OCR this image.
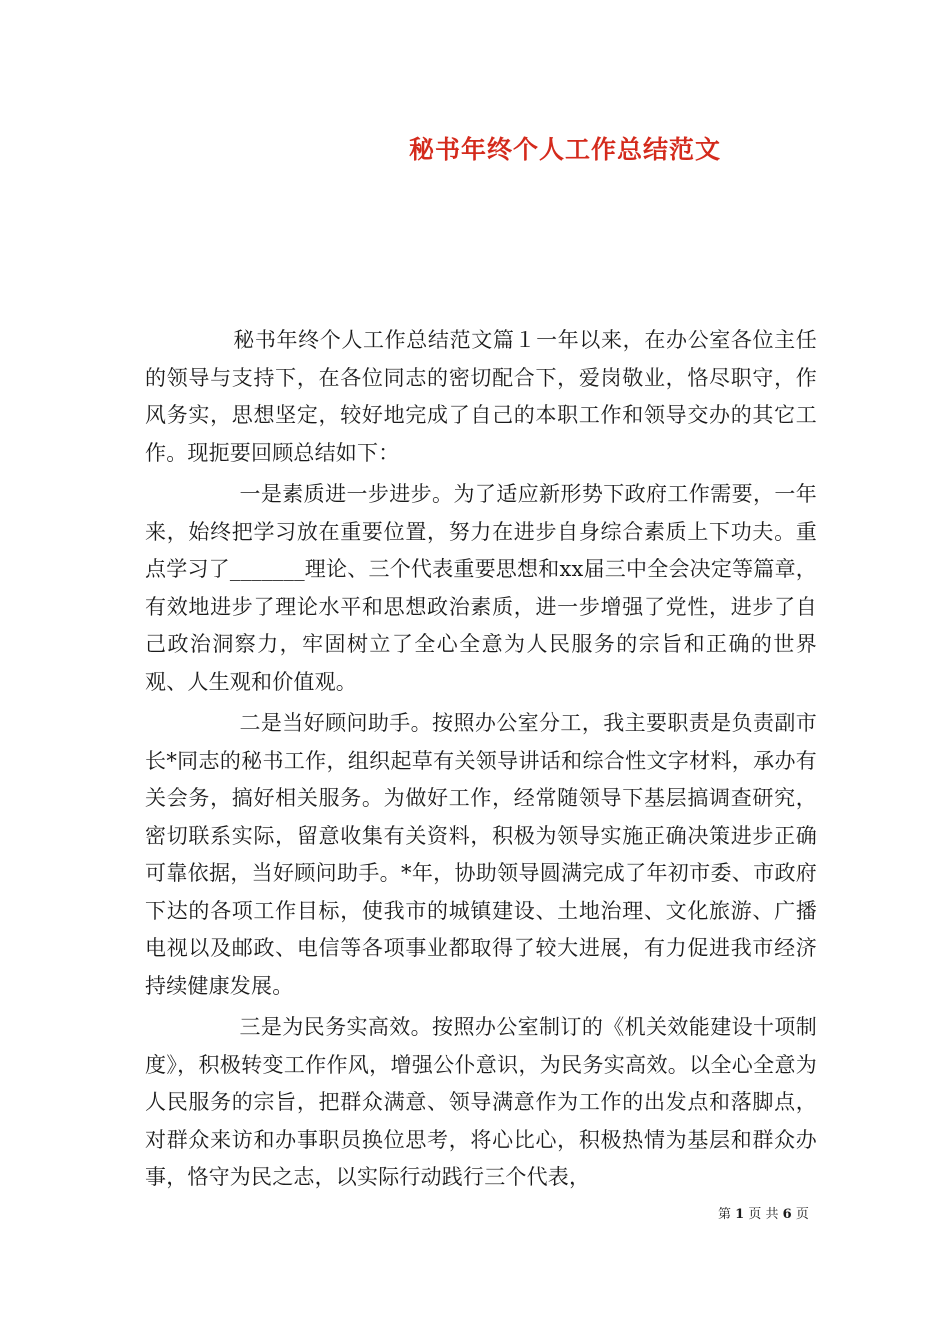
秘书年终个人工作总结范文

秘书年终个人工作总结范文篇１一年以来，在办公室各位主任的领导与支持下，在各位同志的密切配合下，爱岗敬业，恪尽职守，作风务实，思想坚定，较好地完成了自己的本职工作和领导交办的其它工作。现扼要回顾总结如下：

一是素质进一步进步。为了适应新形势下政府工作需要，一年来，始终把学习放在重要位置，努力在进步自身综合素质上下功夫。重点学习了_______理论、三个代表重要思想和xx届三中全会决定等篇章，有效地进步了理论水平和思想政治素质，进一步增强了党性，进步了自己政治洞察力，牢固树立了全心全意为人民服务的宗旨和正确的世界观、人生观和价值观。

二是当好顾问助手。按照办公室分工，我主要职责是负责副市长*同志的秘书工作，组织起草有关领导讲话和综合性文字材料，承办有关会务，搞好相关服务。为做好工作，经常随领导下基层搞调查研究，密切联系实际，留意收集有关资料，积极为领导实施正确决策进步正确可靠依据，当好顾问助手。*年，协助领导圆满完成了年初市委、市政府下达的各项工作目标，使我市的城镇建设、土地治理、文化旅游、广播电视以及邮政、电信等各项事业都取得了较大进展，有力促进我市经济持续健康发展。

三是为民务实高效。按照办公室制订的《机关效能建设十项制度》，积极转变工作作风，增强公仆意识，为民务实高效。以全心全意为人民服务的宗旨，把群众满意、领导满意作为工作的出发点和落脚点，对群众来访和办事职员换位思考，将心比心，积极热情为基层和群众办事，恪守为民之志，以实际行动践行三个代表，

第 1 页 共 6 页
